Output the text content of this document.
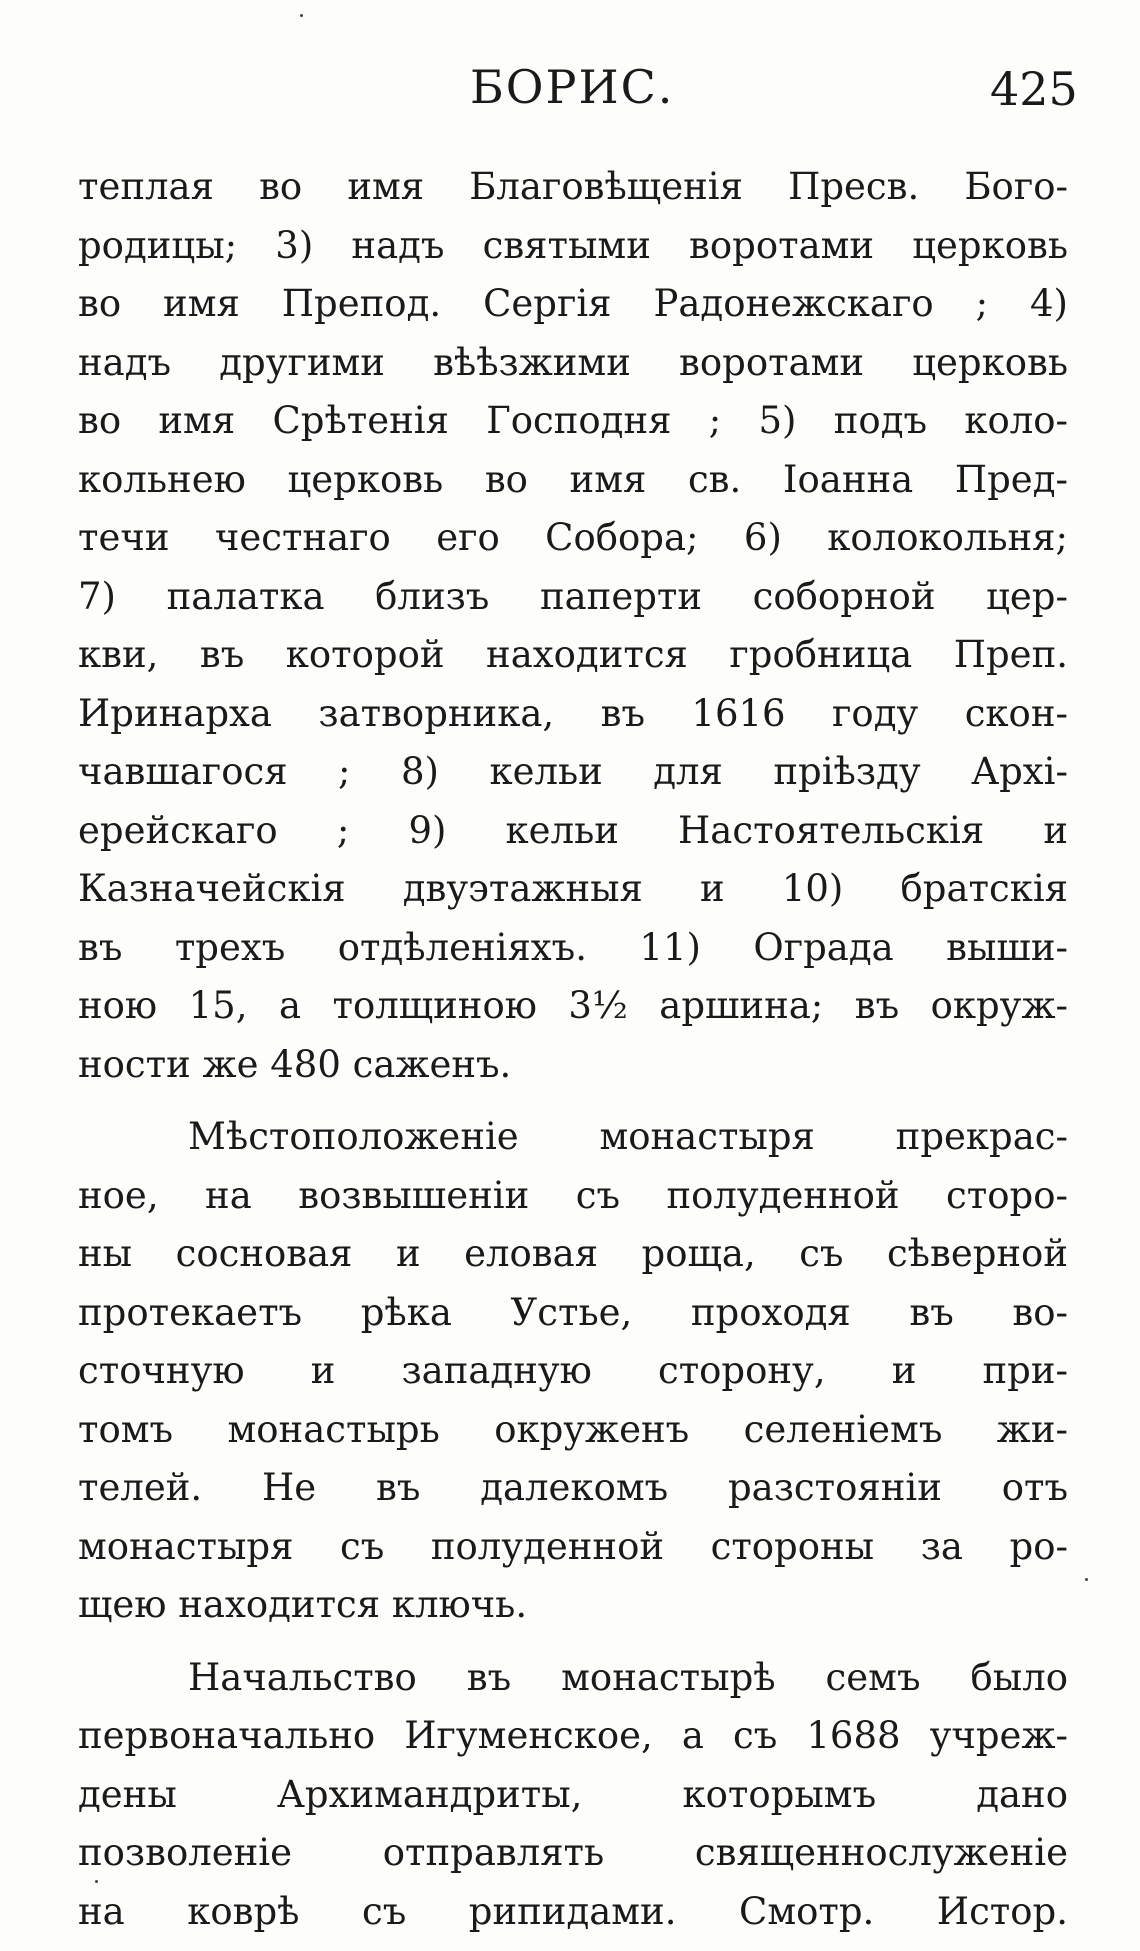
БОРИС.	425
теплая во имя Благовѣщенія Пресв. Бого-
родицы; 3) надъ святыми воротами церковь
во имя Препод. Сергія Радонежскаго ; 4)
надъ другими вѣѣзжими воротами церковь
во имя Срѣтенія Господня ; 5) подъ коло-
кольнею церковь во имя св. Іоанна Пред-
течи честнаго его Собора; 6) колокольня;
7) палатка близъ паперти соборной цер-
кви, въ которой находится гробница Преп.
Иринарха затворника, въ 1616 году скон-
чавшагося ; 8) кельи для пріѣзду Архі-
ерейскаго ; 9) кельи Настоятельскія и
Казначейскія двуэтажныя и 10) братскія
въ трехъ отдѣленіяхъ. 11) Ограда выши-
ною 15, а толщиною 3½ аршина; въ окруж-
ности же 480 саженъ.
Мѣстоположеніе монастыря прекрас-
ное, на возвышеніи съ полуденной сторо-
ны сосновая и еловая роща, съ сѣверной
протекаетъ рѣка Устье, проходя въ во-
сточную и западную сторону, и при-
томъ монастырь окруженъ селеніемъ жи-
телей. Не въ далекомъ разстояніи отъ
монастыря съ полуденной стороны за ро-
щею находится ключь.
Начальство въ монастырѣ семъ было
первоначально Игуменское, а съ 1688 учреж-
дены Архимандриты, которымъ дано
позволеніе отправлять священнослуженіе
на коврѣ съ рипидами. Смотр. Истор.
